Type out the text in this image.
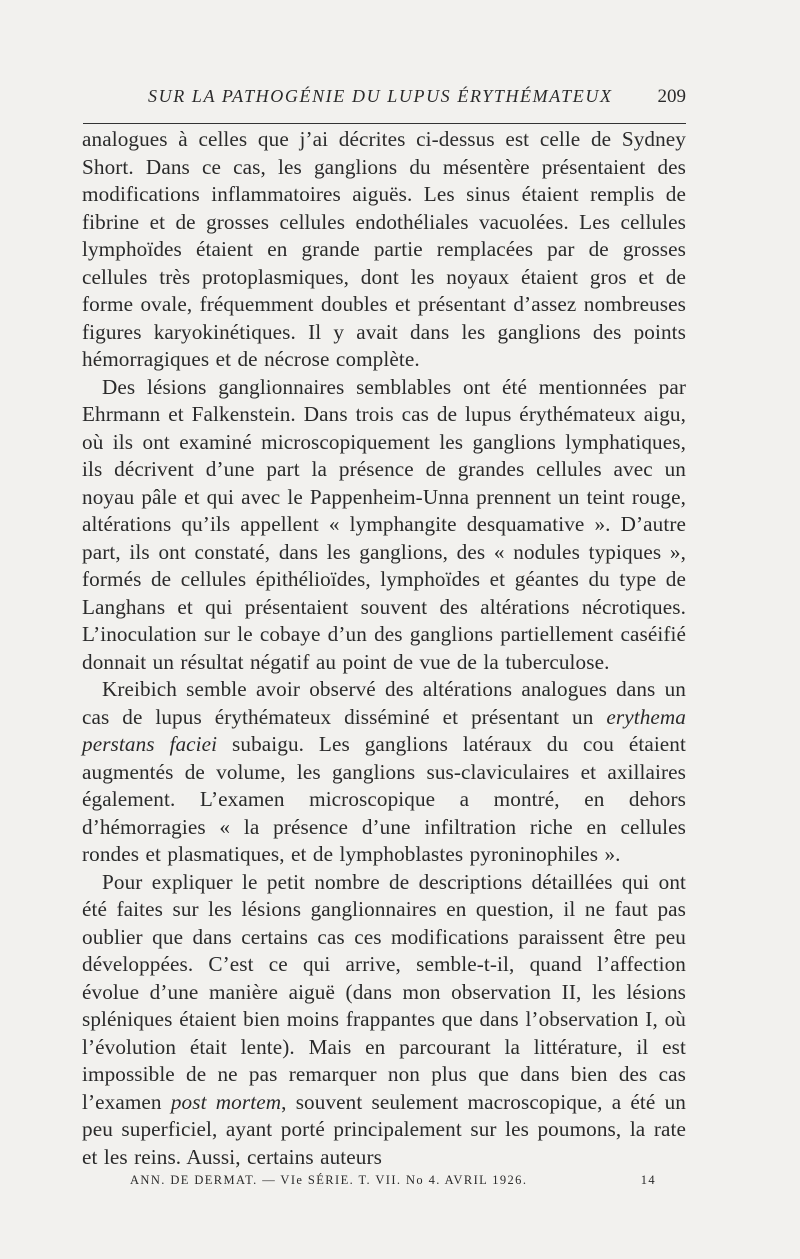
SUR LA PATHOGÉNIE DU LUPUS ÉRYTHÉMATEUX 209

analogues à celles que j’ai décrites ci-dessus est celle de Sydney Short. Dans ce cas, les ganglions du mésentère présentaient des modifications inflammatoires aiguës. Les sinus étaient remplis de fibrine et de grosses cellules endothéliales vacuolées. Les cellules lymphoïdes étaient en grande partie remplacées par de grosses cellules très protoplasmiques, dont les noyaux étaient gros et de forme ovale, fréquemment doubles et présentant d’assez nombreuses figures karyokinétiques. Il y avait dans les ganglions des points hémorragiques et de nécrose complète.

Des lésions ganglionnaires semblables ont été mentionnées par Ehrmann et Falkenstein. Dans trois cas de lupus érythémateux aigu, où ils ont examiné microscopiquement les ganglions lymphatiques, ils décrivent d’une part la présence de grandes cellules avec un noyau pâle et qui avec le Pappenheim-Unna prennent un teint rouge, altérations qu’ils appellent « lymphangite desquamative ». D’autre part, ils ont constaté, dans les ganglions, des « nodules typiques », formés de cellules épithélioïdes, lymphoïdes et géantes du type de Langhans et qui présentaient souvent des altérations nécrotiques. L’inoculation sur le cobaye d’un des ganglions partiellement caséifié donnait un résultat négatif au point de vue de la tuberculose.

Kreibich semble avoir observé des altérations analogues dans un cas de lupus érythémateux disséminé et présentant un erythema perstans faciei subaigu. Les ganglions latéraux du cou étaient augmentés de volume, les ganglions sus-claviculaires et axillaires également. L’examen microscopique a montré, en dehors d’hémorragies « la présence d’une infiltration riche en cellules rondes et plasmatiques, et de lymphoblastes pyroninophiles ».

Pour expliquer le petit nombre de descriptions détaillées qui ont été faites sur les lésions ganglionnaires en question, il ne faut pas oublier que dans certains cas ces modifications paraissent être peu développées. C’est ce qui arrive, semble-t-il, quand l’affection évolue d’une manière aiguë (dans mon observation II, les lésions spléniques étaient bien moins frappantes que dans l’observation I, où l’évolution était lente). Mais en parcourant la littérature, il est impossible de ne pas remarquer non plus que dans bien des cas l’examen post mortem, souvent seulement macroscopique, a été un peu superficiel, ayant porté principalement sur les poumons, la rate et les reins. Aussi, certains auteurs

ANN. DE DERMAT. — VIe SÉRIE. T. VII. No 4. AVRIL 1926.	14
